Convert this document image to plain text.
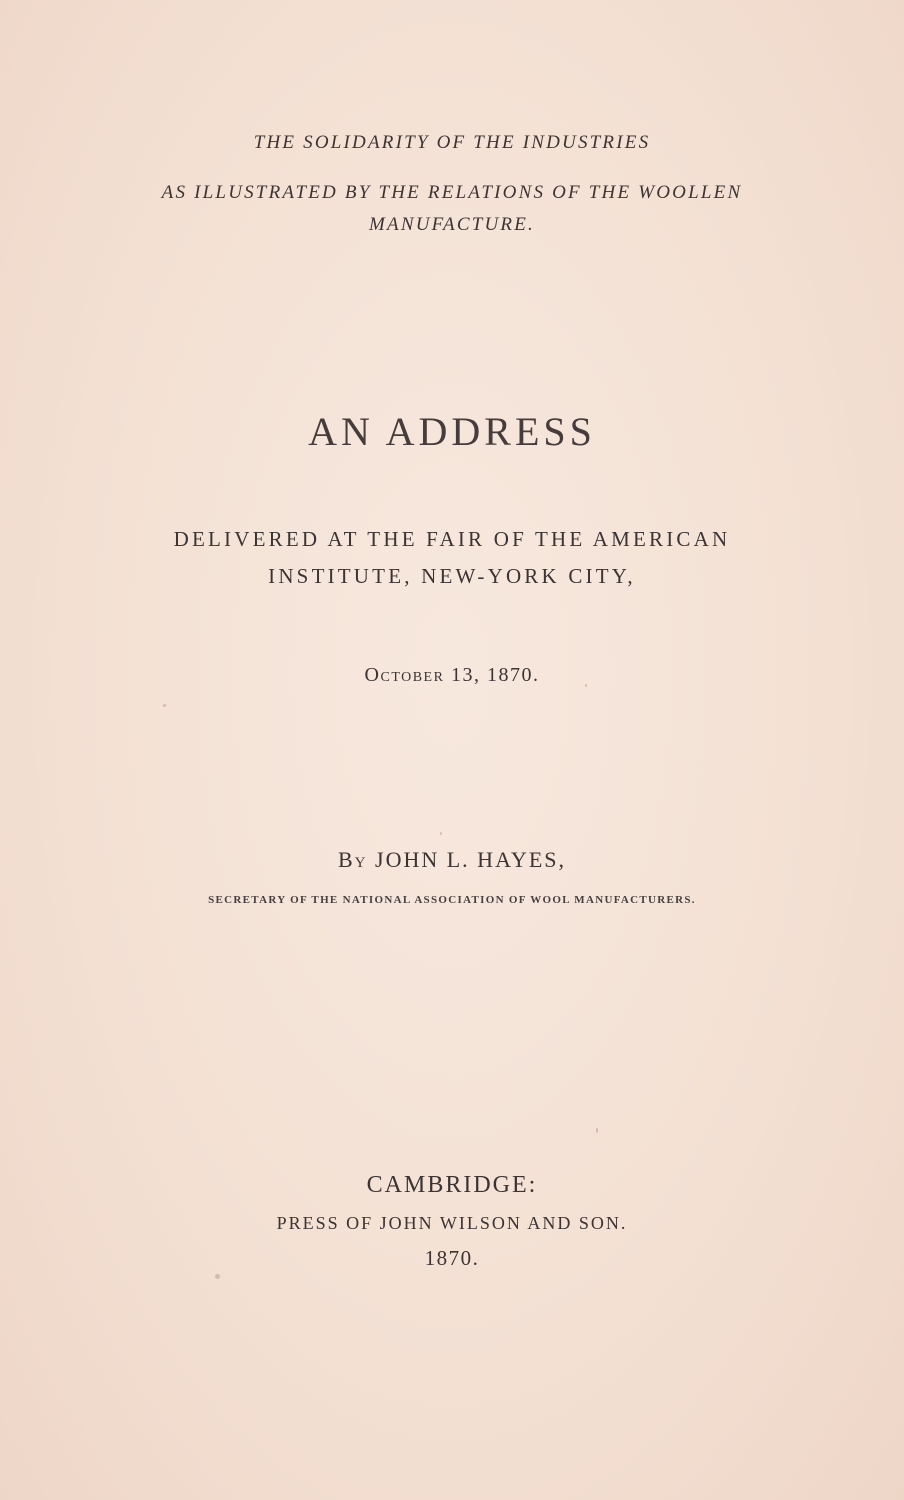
THE SOLIDARITY OF THE INDUSTRIES
AS ILLUSTRATED BY THE RELATIONS OF THE WOOLLEN
MANUFACTURE.
AN ADDRESS
DELIVERED AT THE FAIR OF THE AMERICAN
INSTITUTE, NEW-YORK CITY,
October 13, 1870.
By JOHN L. HAYES,
SECRETARY OF THE NATIONAL ASSOCIATION OF WOOL MANUFACTURERS.
CAMBRIDGE:
PRESS OF JOHN WILSON AND SON.
1870.
